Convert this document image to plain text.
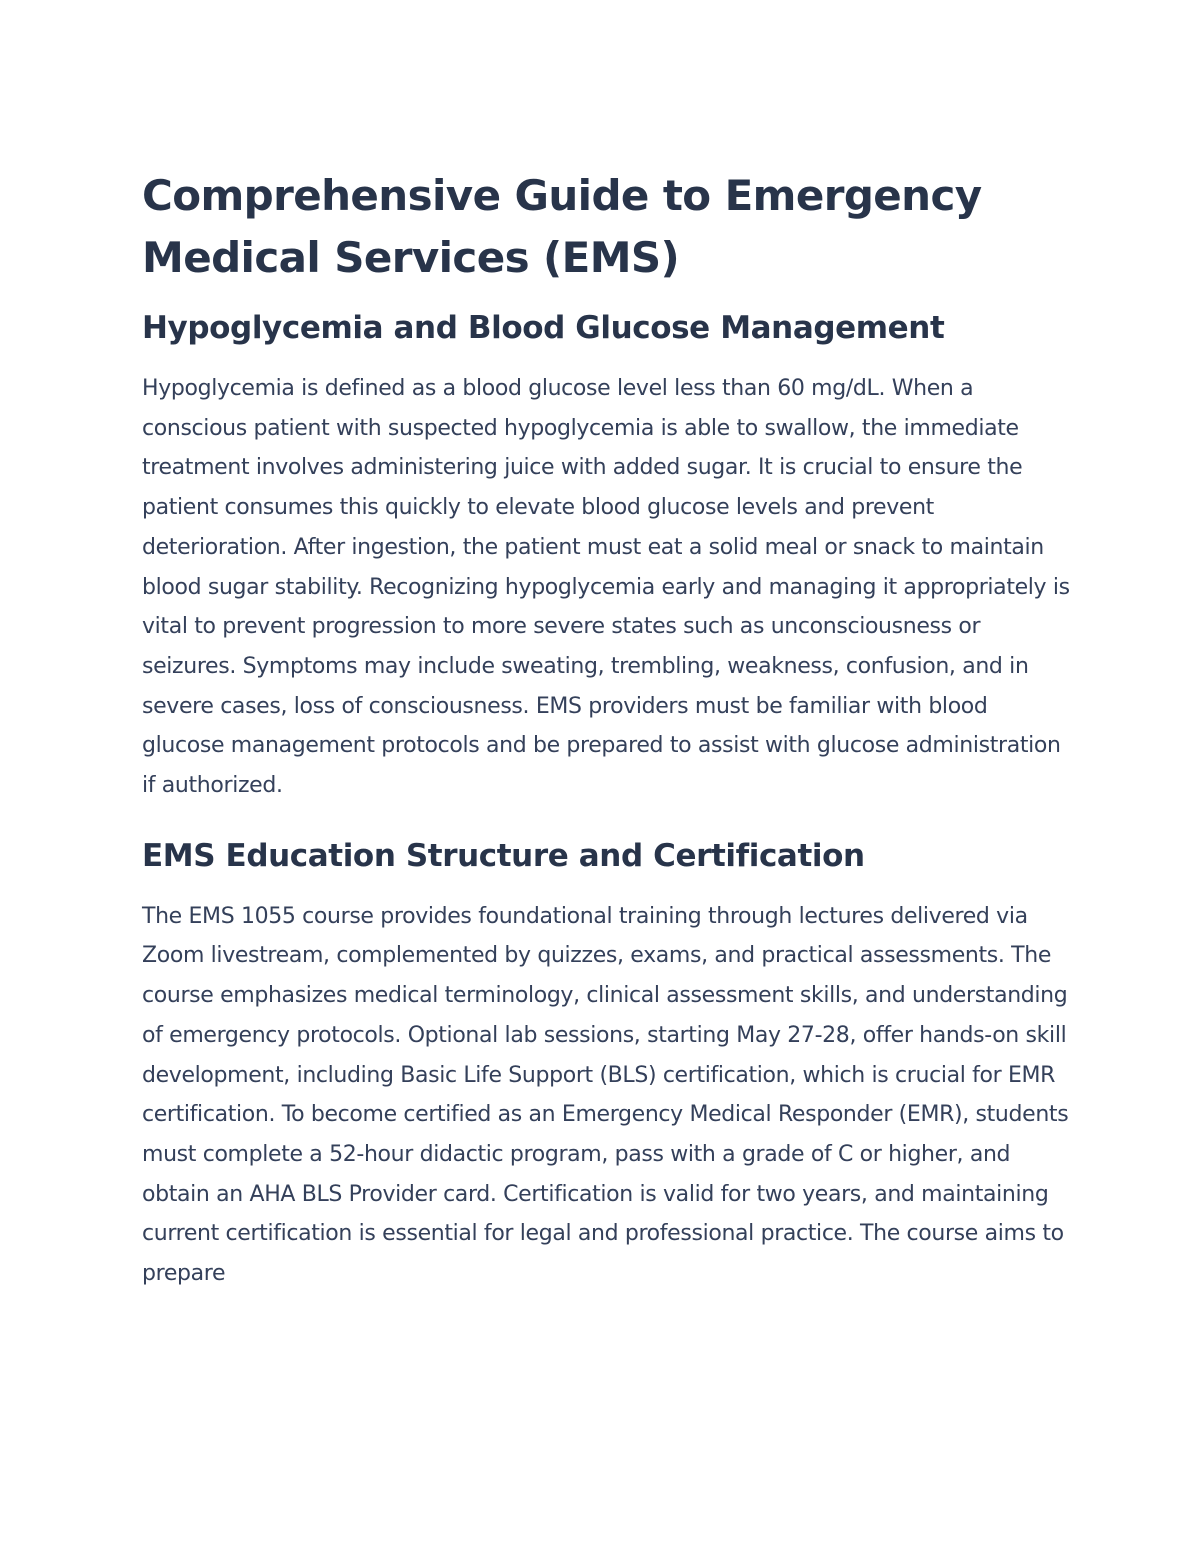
Comprehensive Guide to Emergency Medical Services (EMS)
Hypoglycemia and Blood Glucose Management

Hypoglycemia is defined as a blood glucose level less than 60 mg/dL. When a conscious patient with suspected hypoglycemia is able to swallow, the immediate treatment involves administering juice with added sugar. It is crucial to ensure the patient consumes this quickly to elevate blood glucose levels and prevent deterioration. After ingestion, the patient must eat a solid meal or snack to maintain blood sugar stability. Recognizing hypoglycemia early and managing it appropriately is vital to prevent progression to more severe states such as unconsciousness or seizures. Symptoms may include sweating, trembling, weakness, confusion, and in severe cases, loss of consciousness. EMS providers must be familiar with blood glucose management protocols and be prepared to assist with glucose administration if authorized.

EMS Education Structure and Certification

The EMS 1055 course provides foundational training through lectures delivered via Zoom livestream, complemented by quizzes, exams, and practical assessments. The course emphasizes medical terminology, clinical assessment skills, and understanding of emergency protocols. Optional lab sessions, starting May 27-28, offer hands-on skill development, including Basic Life Support (BLS) certification, which is crucial for EMR certification. To become certified as an Emergency Medical Responder (EMR), students must complete a 52-hour didactic program, pass with a grade of C or higher, and obtain an AHA BLS Provider card. Certification is valid for two years, and maintaining current certification is essential for legal and professional practice. The course aims to prepare
